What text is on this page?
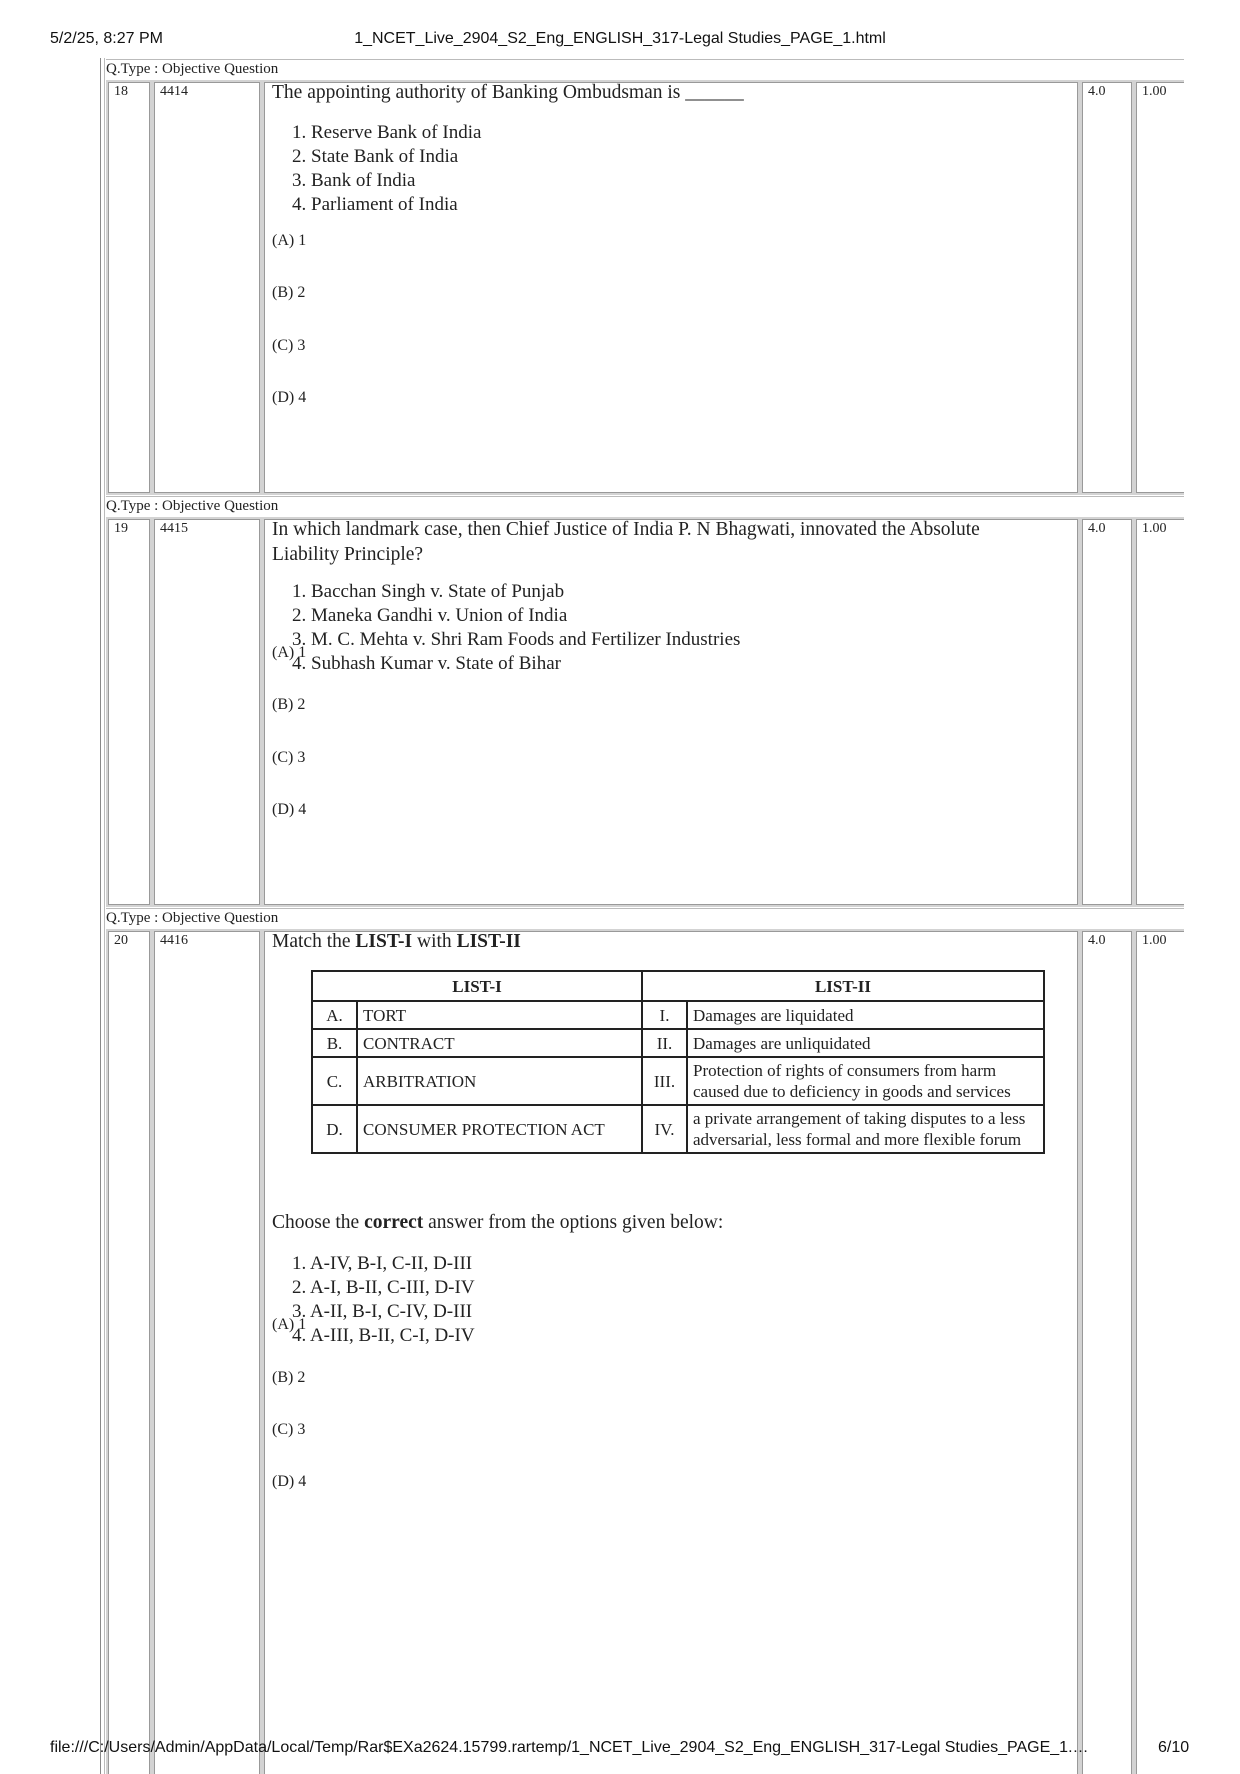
5/2/25, 8:27 PM	1_NCET_Live_2904_S2_Eng_ENGLISH_317-Legal Studies_PAGE_1.html
Q.Type : Objective Question
18 4414	4.0	1.00
The appointing authority of Banking Ombudsman is ______
1. Reserve Bank of India
2. State Bank of India
3. Bank of India
4. Parliament of India
(A) 1
(B) 2
(C) 3
(D) 4
Q.Type : Objective Question
19 4415	4.0	1.00
In which landmark case, then Chief Justice of India P. N Bhagwati, innovated the Absolute Liability Principle?
1. Bacchan Singh v. State of Punjab
2. Maneka Gandhi v. Union of India
3. M. C. Mehta v. Shri Ram Foods and Fertilizer Industries
4. Subhash Kumar v. State of Bihar
(A) 1
(B) 2
(C) 3
(D) 4
Q.Type : Objective Question
20 4416	4.0	1.00
Match the LIST-I with LIST-II
LIST-I		LIST-II	
A.	TORT	I.	Damages are liquidated
B.	CONTRACT	II.	Damages are unliquidated
C.	ARBITRATION	III.	Protection of rights of consumers from harm caused due to deficiency in goods and services
D.	CONSUMER PROTECTION ACT	IV.	a private arrangement of taking disputes to a less adversarial, less formal and more flexible forum
Choose the correct answer from the options given below:
1. A-IV, B-I, C-II, D-III
2. A-I, B-II, C-III, D-IV
3. A-II, B-I, C-IV, D-III
4. A-III, B-II, C-I, D-IV
(A) 1
(B) 2
(C) 3
(D) 4
file:///C:/Users/Admin/AppData/Local/Temp/Rar$EXa2624.15799.rartemp/1_NCET_Live_2904_S2_Eng_ENGLISH_317-Legal Studies_PAGE_1.…	6/10
